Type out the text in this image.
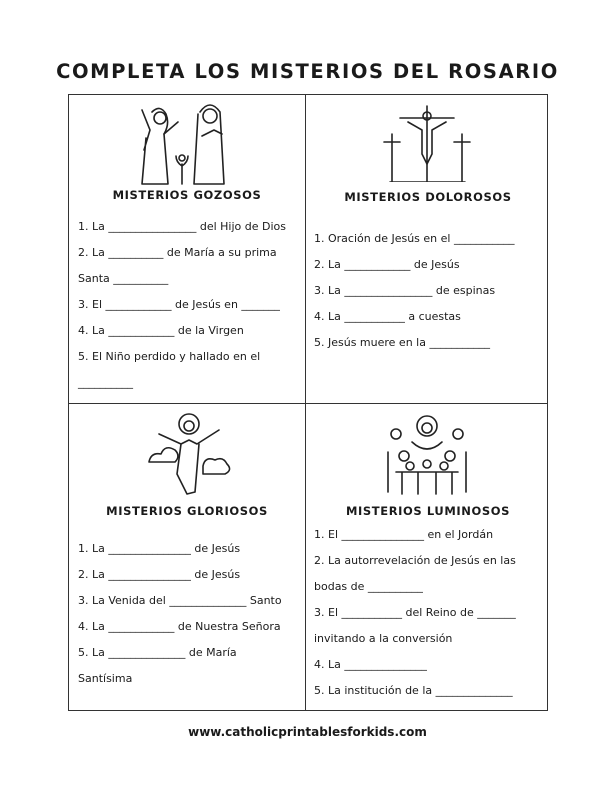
COMPLETA LOS MISTERIOS DEL ROSARIO
MISTERIOS GOZOSOS
1. La ________________ del Hijo de Dios
2. La __________ de María a su prima
Santa __________
3. El ____________ de Jesús en _______
4. La ____________ de la Virgen
5. El Niño perdido y hallado en el
__________
MISTERIOS DOLOROSOS
1. Oración de Jesús en el ___________
2. La ____________ de Jesús
3. La ________________ de espinas
4. La ___________ a cuestas
5. Jesús muere en la ___________
MISTERIOS GLORIOSOS
1. La _______________ de Jesús
2. La _______________ de Jesús
3. La Venida del ______________ Santo
4. La ____________ de Nuestra Señora
5. La ______________ de María
Santísima
MISTERIOS LUMINOSOS
1. El _______________ en el Jordán
2. La autorrevelación de Jesús en las
bodas de __________
3. El ___________ del Reino de _______
invitando a la conversión
4. La _______________
5. La institución de la ______________
www.catholicprintablesforkids.com
